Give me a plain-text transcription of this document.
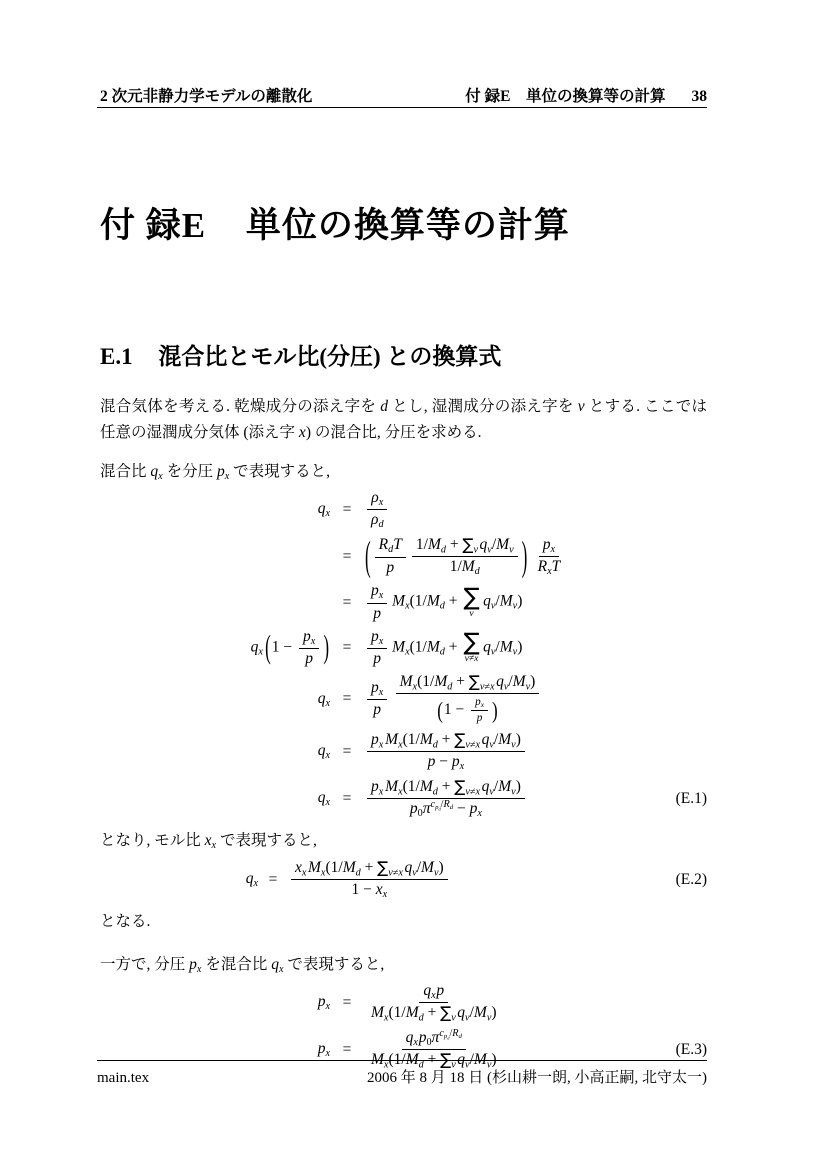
2 次元非静力学モデルの離散化	付 録E　単位の換算等の計算 38
付 録E 単位の換算等の計算
E.1 混合比とモル比(分圧) との換算式

混合気体を考える. 乾燥成分の添え字を d とし, 湿潤成分の添え字を v とする. ここでは任意の湿潤成分気体 (添え字 x) の混合比, 分圧を求める.

混合比 $q_x$ を分圧 $p_x$ で表現すると,

$q_x$ =	$\frac{\rho_x}{\rho_d}$
= ( $\frac{R_dT}{p} \frac{1/M_d + \sum_vq_v/M_v}{1/M_d}$ ) $\frac{p_x}{R_xT}$
=	$\frac{p_x}{p} M_x(1/M_d$ + ∑
v
$q_v/M_v$)
$q_x$ ($1 - \frac{p_x}{p}$ ) =	$\frac{p_x}{p} M_x(1/M_d$ + ∑
v≠x
$q_v/M_v$)
$q_x$ =	$\frac{p_x}{p} \frac{M_x(1/M_d + \sum_{v\ne x}q_v/M_v)}{(1 - \frac{p_x}{p} )}$
$q_x$ =	$\frac{p_x M_x(1/M_d + \sum_{v\ne x}q_v/M_v)}{p - p_x}$
$q_x$ =	$\frac{p_x M_x(1/M_d + \sum_{v\ne x}q_v/M_v)}{p_0\pi^{c_{p_d}/R_d} - p_x}$	(E.1)

となり, モル比 $x_x$ で表現すると,

$q_x = \frac{x_xM_x(1/M_d + \sum_{v\ne x}q_v/M_v)}{1 - x_x}$	(E.2)

となる.

一方で, 分圧 $p_x$ を混合比 $q_x$ で表現すると,

$p_x$ =	$\frac{q_xp}{M_x(1/M_d + \sum_vq_v/M_v)}$
$p_x$ =	$\frac{q_xp_0\pi^{c_{p_d}/R_d}}{M_x(1/M_d + \sum_vq_v/M_v)}$	(E.3)
main.tex	2006 年 8 月 18 日 (杉山耕一朗, 小高正嗣, 北守太一)
